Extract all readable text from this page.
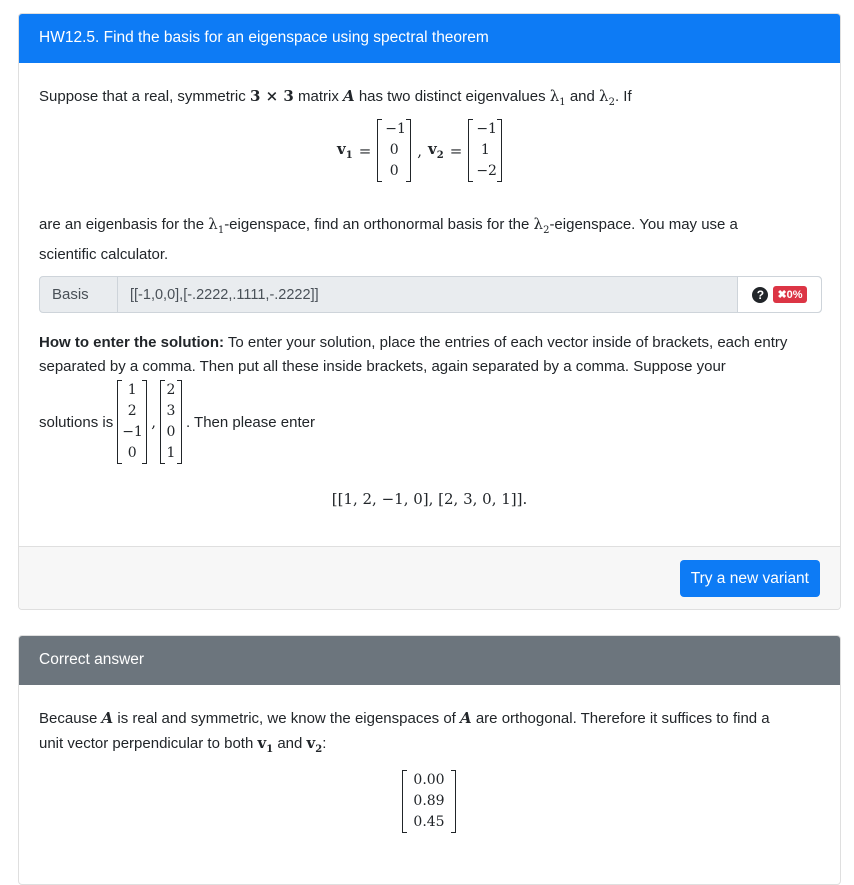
HW12.5. Find the basis for an eigenspace using spectral theorem
Suppose that a real, symmetric 3 × 3 matrix A has two distinct eigenvalues $\lambda_1$ and $\lambda_2$. If
$v_1$ =
−1
0
0
, $v_2$ =
−1
1
−2
are an eigenbasis for the $\lambda_1$-eigenspace, find an orthonormal basis for the $\lambda_2$-eigenspace. You may use a
scientific calculator.
Basis
[[-1,0,0],[-.2222,.1111,-.2222]]	?	✖0%
How to enter the solution: To enter your solution, place the entries of each vector inside of brackets, each entry separated by a comma. Then put all these inside brackets, again separated by a comma. Suppose your
solutions is
1
2
−1
0
,
2
3
0
1
. Then please enter
[[1, 2, −1, 0], [2, 3, 0, 1]].
Try a new variant
Correct answer
Because A is real and symmetric, we know the eigenspaces of A are orthogonal. Therefore it suffices to find a
unit vector perpendicular to both $v_1$ and $v_2$:
0.00
0.89
0.45
